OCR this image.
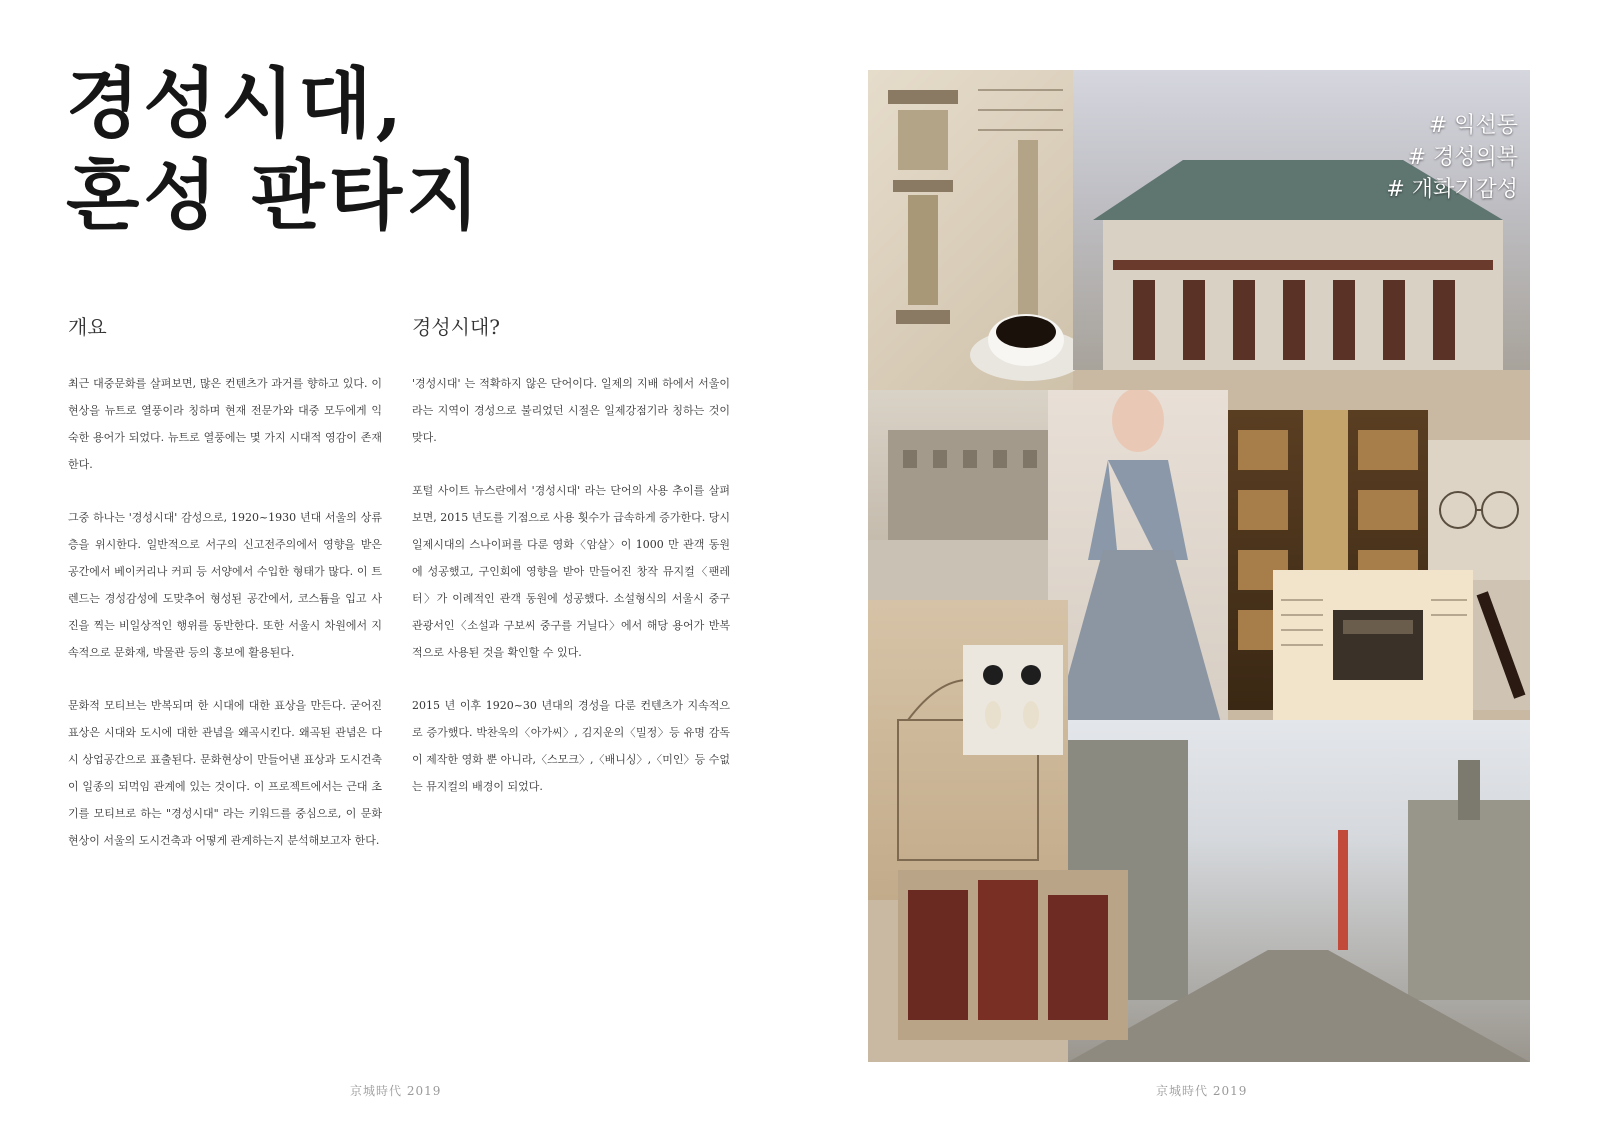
경성시대,
혼성 판타지
개요

최근 대중문화를 살펴보면, 많은 컨텐츠가 과거를 향하고 있다. 이 현상을 뉴트로 열풍이라 칭하며 현재 전문가와 대중 모두에게 익숙한 용어가 되었다. 뉴트로 열풍에는 몇 가지 시대적 영감이 존재한다.

그중 하나는 '경성시대' 감성으로, 1920~1930 년대 서울의 상류층을 위시한다. 일반적으로 서구의 신고전주의에서 영향을 받은 공간에서 베이커리나 커피 등 서양에서 수입한 형태가 많다. 이 트렌드는 경성감성에 도맞추어 형성된 공간에서, 코스튬을 입고 사진을 찍는 비일상적인 행위를 동반한다. 또한 서울시 차원에서 지속적으로 문화재, 박물관 등의 홍보에 활용된다.

문화적 모티브는 반복되며 한 시대에 대한 표상을 만든다. 굳어진 표상은 시대와 도시에 대한 관념을 왜곡시킨다. 왜곡된 관념은 다시 상업공간으로 표출된다. 문화현상이 만들어낸 표상과 도시건축이 일종의 되먹임 관계에 있는 것이다. 이 프로젝트에서는 근대 초기를 모티브로 하는 "경성시대" 라는 키워드를 중심으로, 이 문화 현상이 서울의 도시건축과 어떻게 관계하는지 분석해보고자 한다.

경성시대?

'경성시대' 는 적확하지 않은 단어이다. 일제의 지배 하에서 서울이라는 지역이 경성으로 불리었던 시절은 일제강점기라 칭하는 것이 맞다.

포털 사이트 뉴스란에서 '경성시대' 라는 단어의 사용 추이를 살펴보면, 2015 년도를 기점으로 사용 횟수가 급속하게 증가한다. 당시 일제시대의 스나이퍼를 다룬 영화〈암살〉이 1000 만 관객 동원에 성공했고, 구인회에 영향을 받아 만들어진 창작 뮤지컬〈팬레터〉가 이례적인 관객 동원에 성공했다. 소설형식의 서울시 중구 관광서인〈소설과 구보씨 중구를 거닐다〉에서 해당 용어가 반복적으로 사용된 것을 확인할 수 있다.

2015 년 이후 1920~30 년대의 경성을 다룬 컨텐츠가 지속적으로 증가했다. 박찬욱의〈아가씨〉, 김지운의〈밀정〉등 유명 감독이 제작한 영화 뿐 아니라,〈스모크〉,〈배니싱〉,〈미인〉등 수없는 뮤지컬의 배경이 되었다.

# 익선동
# 경성의복
# 개화기감성
京城時代 2019	京城時代 2019
